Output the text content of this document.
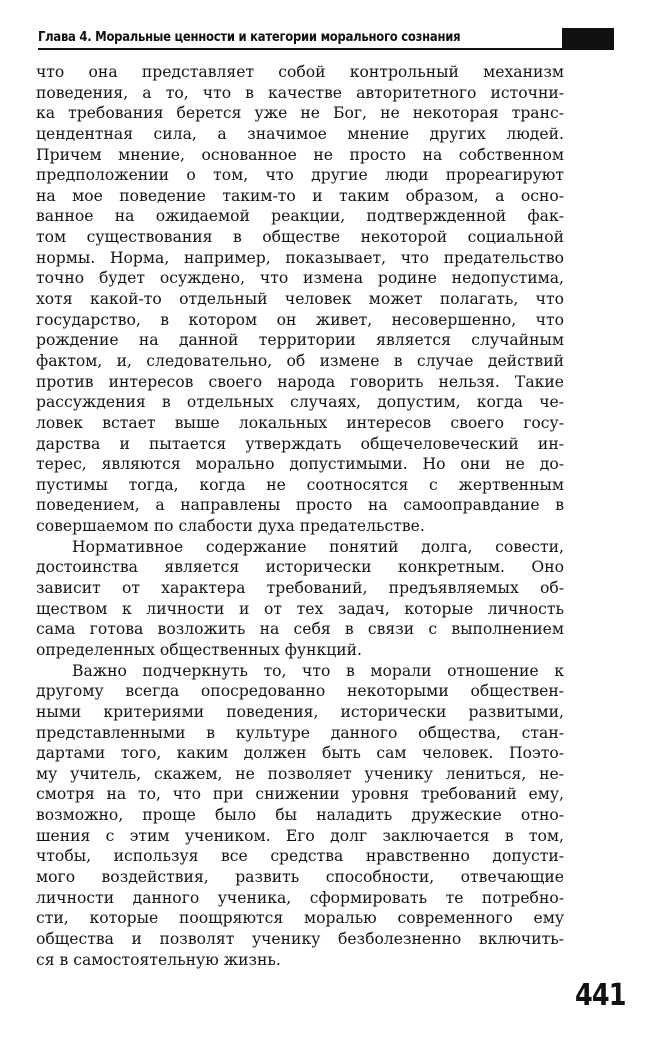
Глава 4. Моральные ценности и категории морального сознания
что она представляет собой контрольный механизм
поведения, а то, что в качестве авторитетного источни-
ка требования берется уже не Бог, не некоторая транс-
цендентная сила, а значимое мнение других людей.
Причем мнение, основанное не просто на собственном
предположении о том, что другие люди прореагируют
на мое поведение таким-то и таким образом, а осно-
ванное на ожидаемой реакции, подтвержденной фак-
том существования в обществе некоторой социальной
нормы. Норма, например, показывает, что предательство
точно будет осуждено, что измена родине недопустима,
хотя какой-то отдельный человек может полагать, что
государство, в котором он живет, несовершенно, что
рождение на данной территории является случайным
фактом, и, следовательно, об измене в случае действий
против интересов своего народа говорить нельзя. Такие
рассуждения в отдельных случаях, допустим, когда че-
ловек встает выше локальных интересов своего госу-
дарства и пытается утверждать общечеловеческий ин-
терес, являются морально допустимыми. Но они не до-
пустимы тогда, когда не соотносятся с жертвенным
поведением, а направлены просто на самооправдание в
совершаемом по слабости духа предательстве.
Нормативное содержание понятий долга, совести,
достоинства является исторически конкретным. Оно
зависит от характера требований, предъявляемых об-
ществом к личности и от тех задач, которые личность
сама готова возложить на себя в связи с выполнением
определенных общественных функций.
Важно подчеркнуть то, что в морали отношение к
другому всегда опосредованно некоторыми обществен-
ными критериями поведения, исторически развитыми,
представленными в культуре данного общества, стан-
дартами того, каким должен быть сам человек. Поэто-
му учитель, скажем, не позволяет ученику лениться, не-
смотря на то, что при снижении уровня требований ему,
возможно, проще было бы наладить дружеские отно-
шения с этим учеником. Его долг заключается в том,
чтобы, используя все средства нравственно допусти-
мого воздействия, развить способности, отвечающие
личности данного ученика, сформировать те потребно-
сти, которые поощряются моралью современного ему
общества и позволят ученику безболезненно включить-
ся в самостоятельную жизнь.
441
